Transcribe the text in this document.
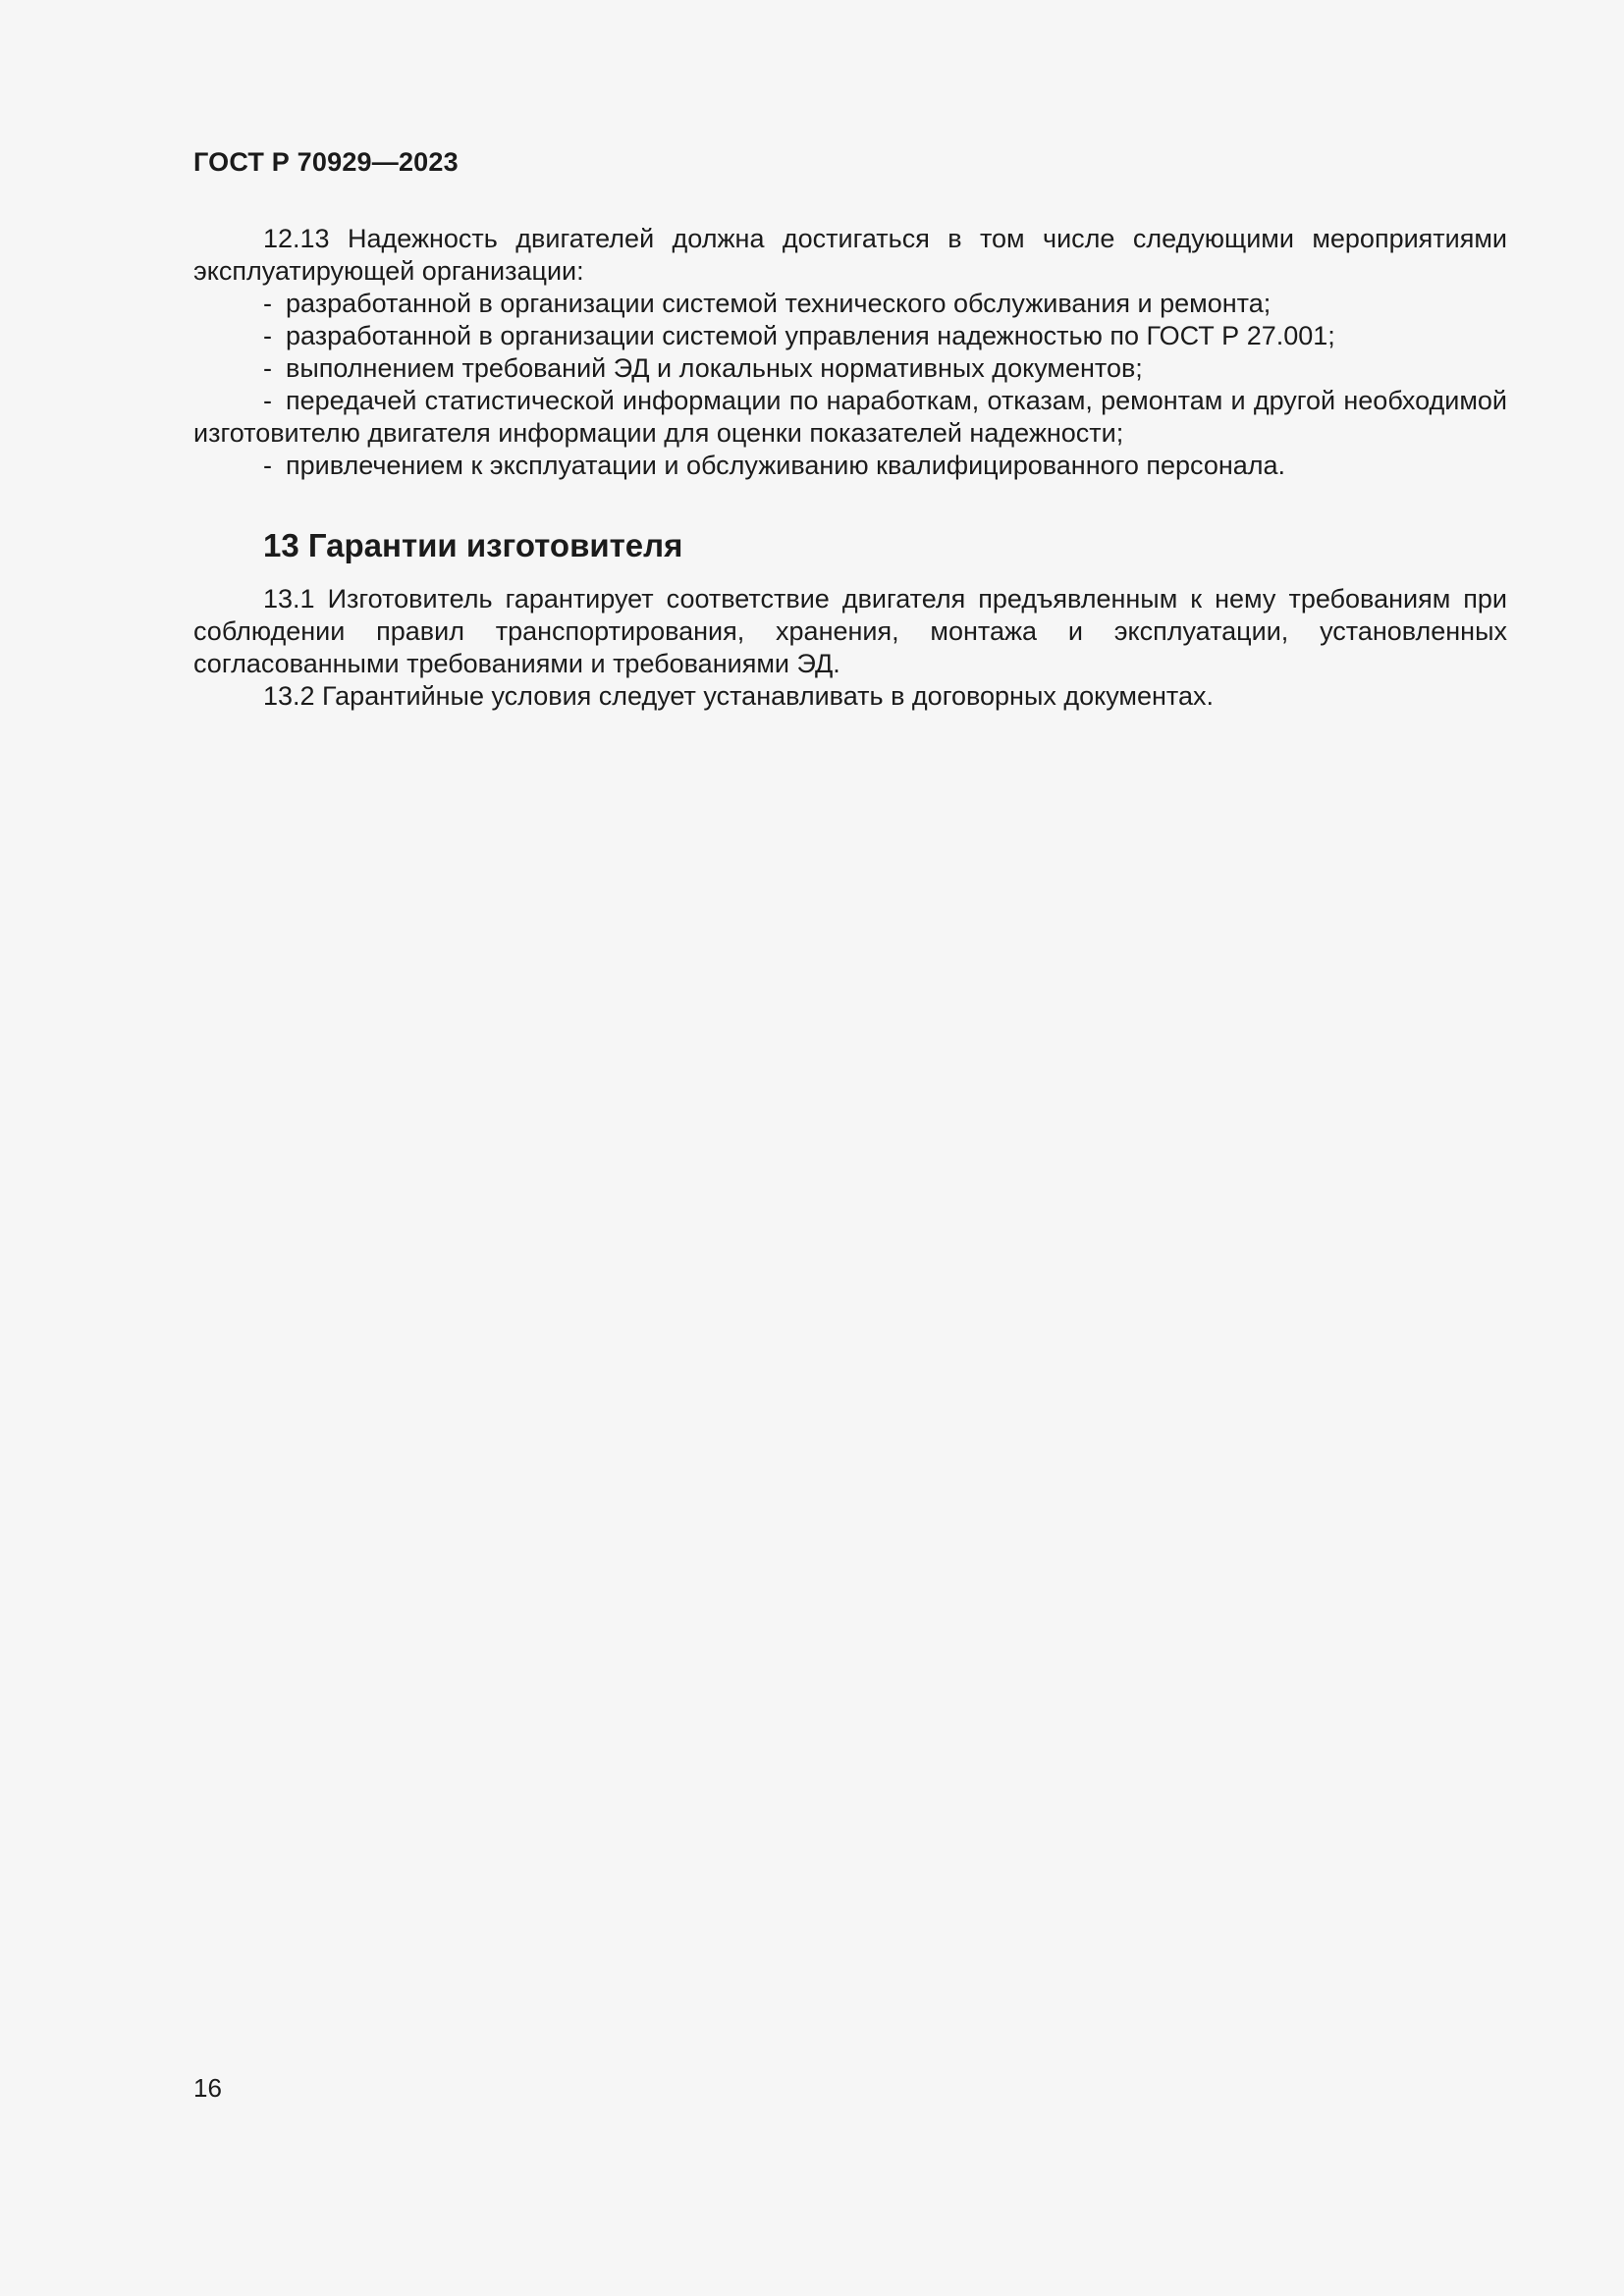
ГОСТ Р 70929—2023

12.13 Надежность двигателей должна достигаться в том числе следующими мероприятиями эксплуатирующей организации:

- разработанной в организации системой технического обслуживания и ремонта;

- разработанной в организации системой управления надежностью по ГОСТ Р 27.001;

- выполнением требований ЭД и локальных нормативных документов;

- передачей статистической информации по наработкам, отказам, ремонтам и другой необходимой изготовителю двигателя информации для оценки показателей надежности;

- привлечением к эксплуатации и обслуживанию квалифицированного персонала.

13 Гарантии изготовителя

13.1 Изготовитель гарантирует соответствие двигателя предъявленным к нему требованиям при соблюдении правил транспортирования, хранения, монтажа и эксплуатации, установленных согласованными требованиями и требованиями ЭД.

13.2 Гарантийные условия следует устанавливать в договорных документах.

16
